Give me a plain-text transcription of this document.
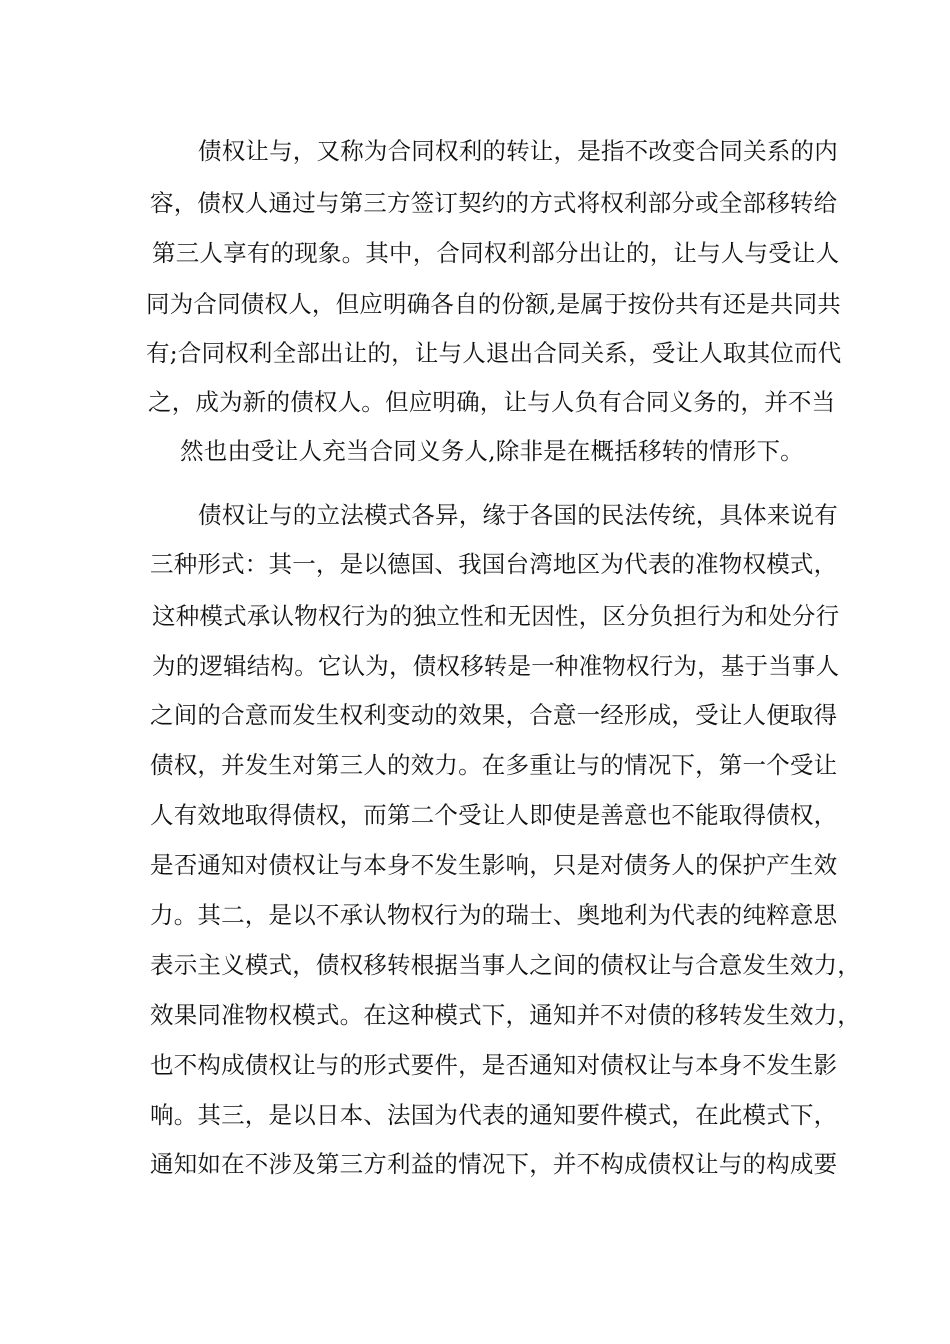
债权让与，又称为合同权利的转让，是指不改变合同关系的内
容，债权人通过与第三方签订契约的方式将权利部分或全部移转给
第三人享有的现象。其中，合同权利部分出让的，让与人与受让人
同为合同债权人，但应明确各自的份额,是属于按份共有还是共同共
有;合同权利全部出让的，让与人退出合同关系，受让人取其位而代
之，成为新的债权人。但应明确，让与人负有合同义务的，并不当
然也由受让人充当合同义务人,除非是在概括移转的情形下。
债权让与的立法模式各异，缘于各国的民法传统，具体来说有
三种形式：其一，是以德国、我国台湾地区为代表的准物权模式，
这种模式承认物权行为的独立性和无因性，区分负担行为和处分行
为的逻辑结构。它认为，债权移转是一种准物权行为，基于当事人
之间的合意而发生权利变动的效果，合意一经形成，受让人便取得
债权，并发生对第三人的效力。在多重让与的情况下，第一个受让
人有效地取得债权，而第二个受让人即使是善意也不能取得债权，
是否通知对债权让与本身不发生影响，只是对债务人的保护产生效
力。其二，是以不承认物权行为的瑞士、奥地利为代表的纯粹意思
表示主义模式，债权移转根据当事人之间的债权让与合意发生效力，
效果同准物权模式。在这种模式下，通知并不对债的移转发生效力，
也不构成债权让与的形式要件，是否通知对债权让与本身不发生影
响。其三，是以日本、法国为代表的通知要件模式，在此模式下，
通知如在不涉及第三方利益的情况下，并不构成债权让与的构成要
